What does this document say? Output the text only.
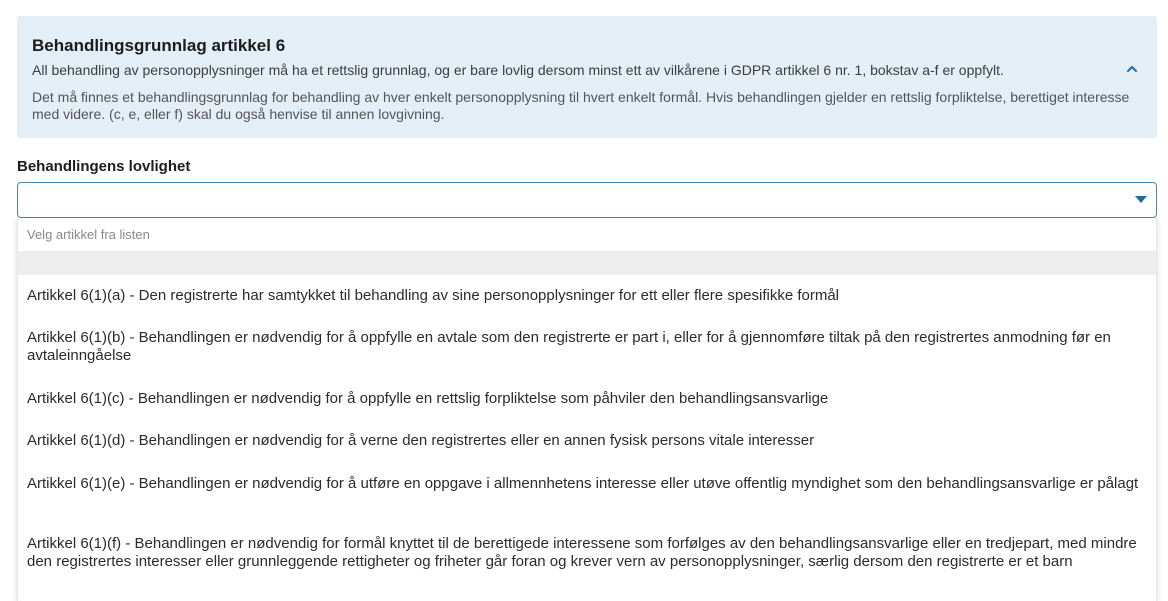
Behandlingsgrunnlag artikkel 6
All behandling av personopplysninger må ha et rettslig grunnlag, og er bare lovlig dersom minst ett av vilkårene i GDPR artikkel 6 nr. 1, bokstav a-f er oppfylt.
Det må finnes et behandlingsgrunnlag for behandling av hver enkelt personopplysning til hvert enkelt formål. Hvis behandlingen gjelder en rettslig forpliktelse, berettiget interesse med videre. (c, e, eller f) skal du også henvise til annen lovgivning.
Behandlingens lovlighet
Velg artikkel fra listen
Artikkel 6(1)(a) - Den registrerte har samtykket til behandling av sine personopplysninger for ett eller flere spesifikke formål
Artikkel 6(1)(b) - Behandlingen er nødvendig for å oppfylle en avtale som den registrerte er part i, eller for å gjennomføre tiltak på den registrertes anmodning før en avtaleinngåelse
Artikkel 6(1)(c) - Behandlingen er nødvendig for å oppfylle en rettslig forpliktelse som påhviler den behandlingsansvarlige
Artikkel 6(1)(d) - Behandlingen er nødvendig for å verne den registrertes eller en annen fysisk persons vitale interesser
Artikkel 6(1)(e) - Behandlingen er nødvendig for å utføre en oppgave i allmennhetens interesse eller utøve offentlig myndighet som den behandlingsansvarlige er pålagt
Artikkel 6(1)(f) - Behandlingen er nødvendig for formål knyttet til de berettigede interessene som forfølges av den behandlingsansvarlige eller en tredjepart, med mindre den registrertes interesser eller grunnleggende rettigheter og friheter går foran og krever vern av personopplysninger, særlig dersom den registrerte er et barn
